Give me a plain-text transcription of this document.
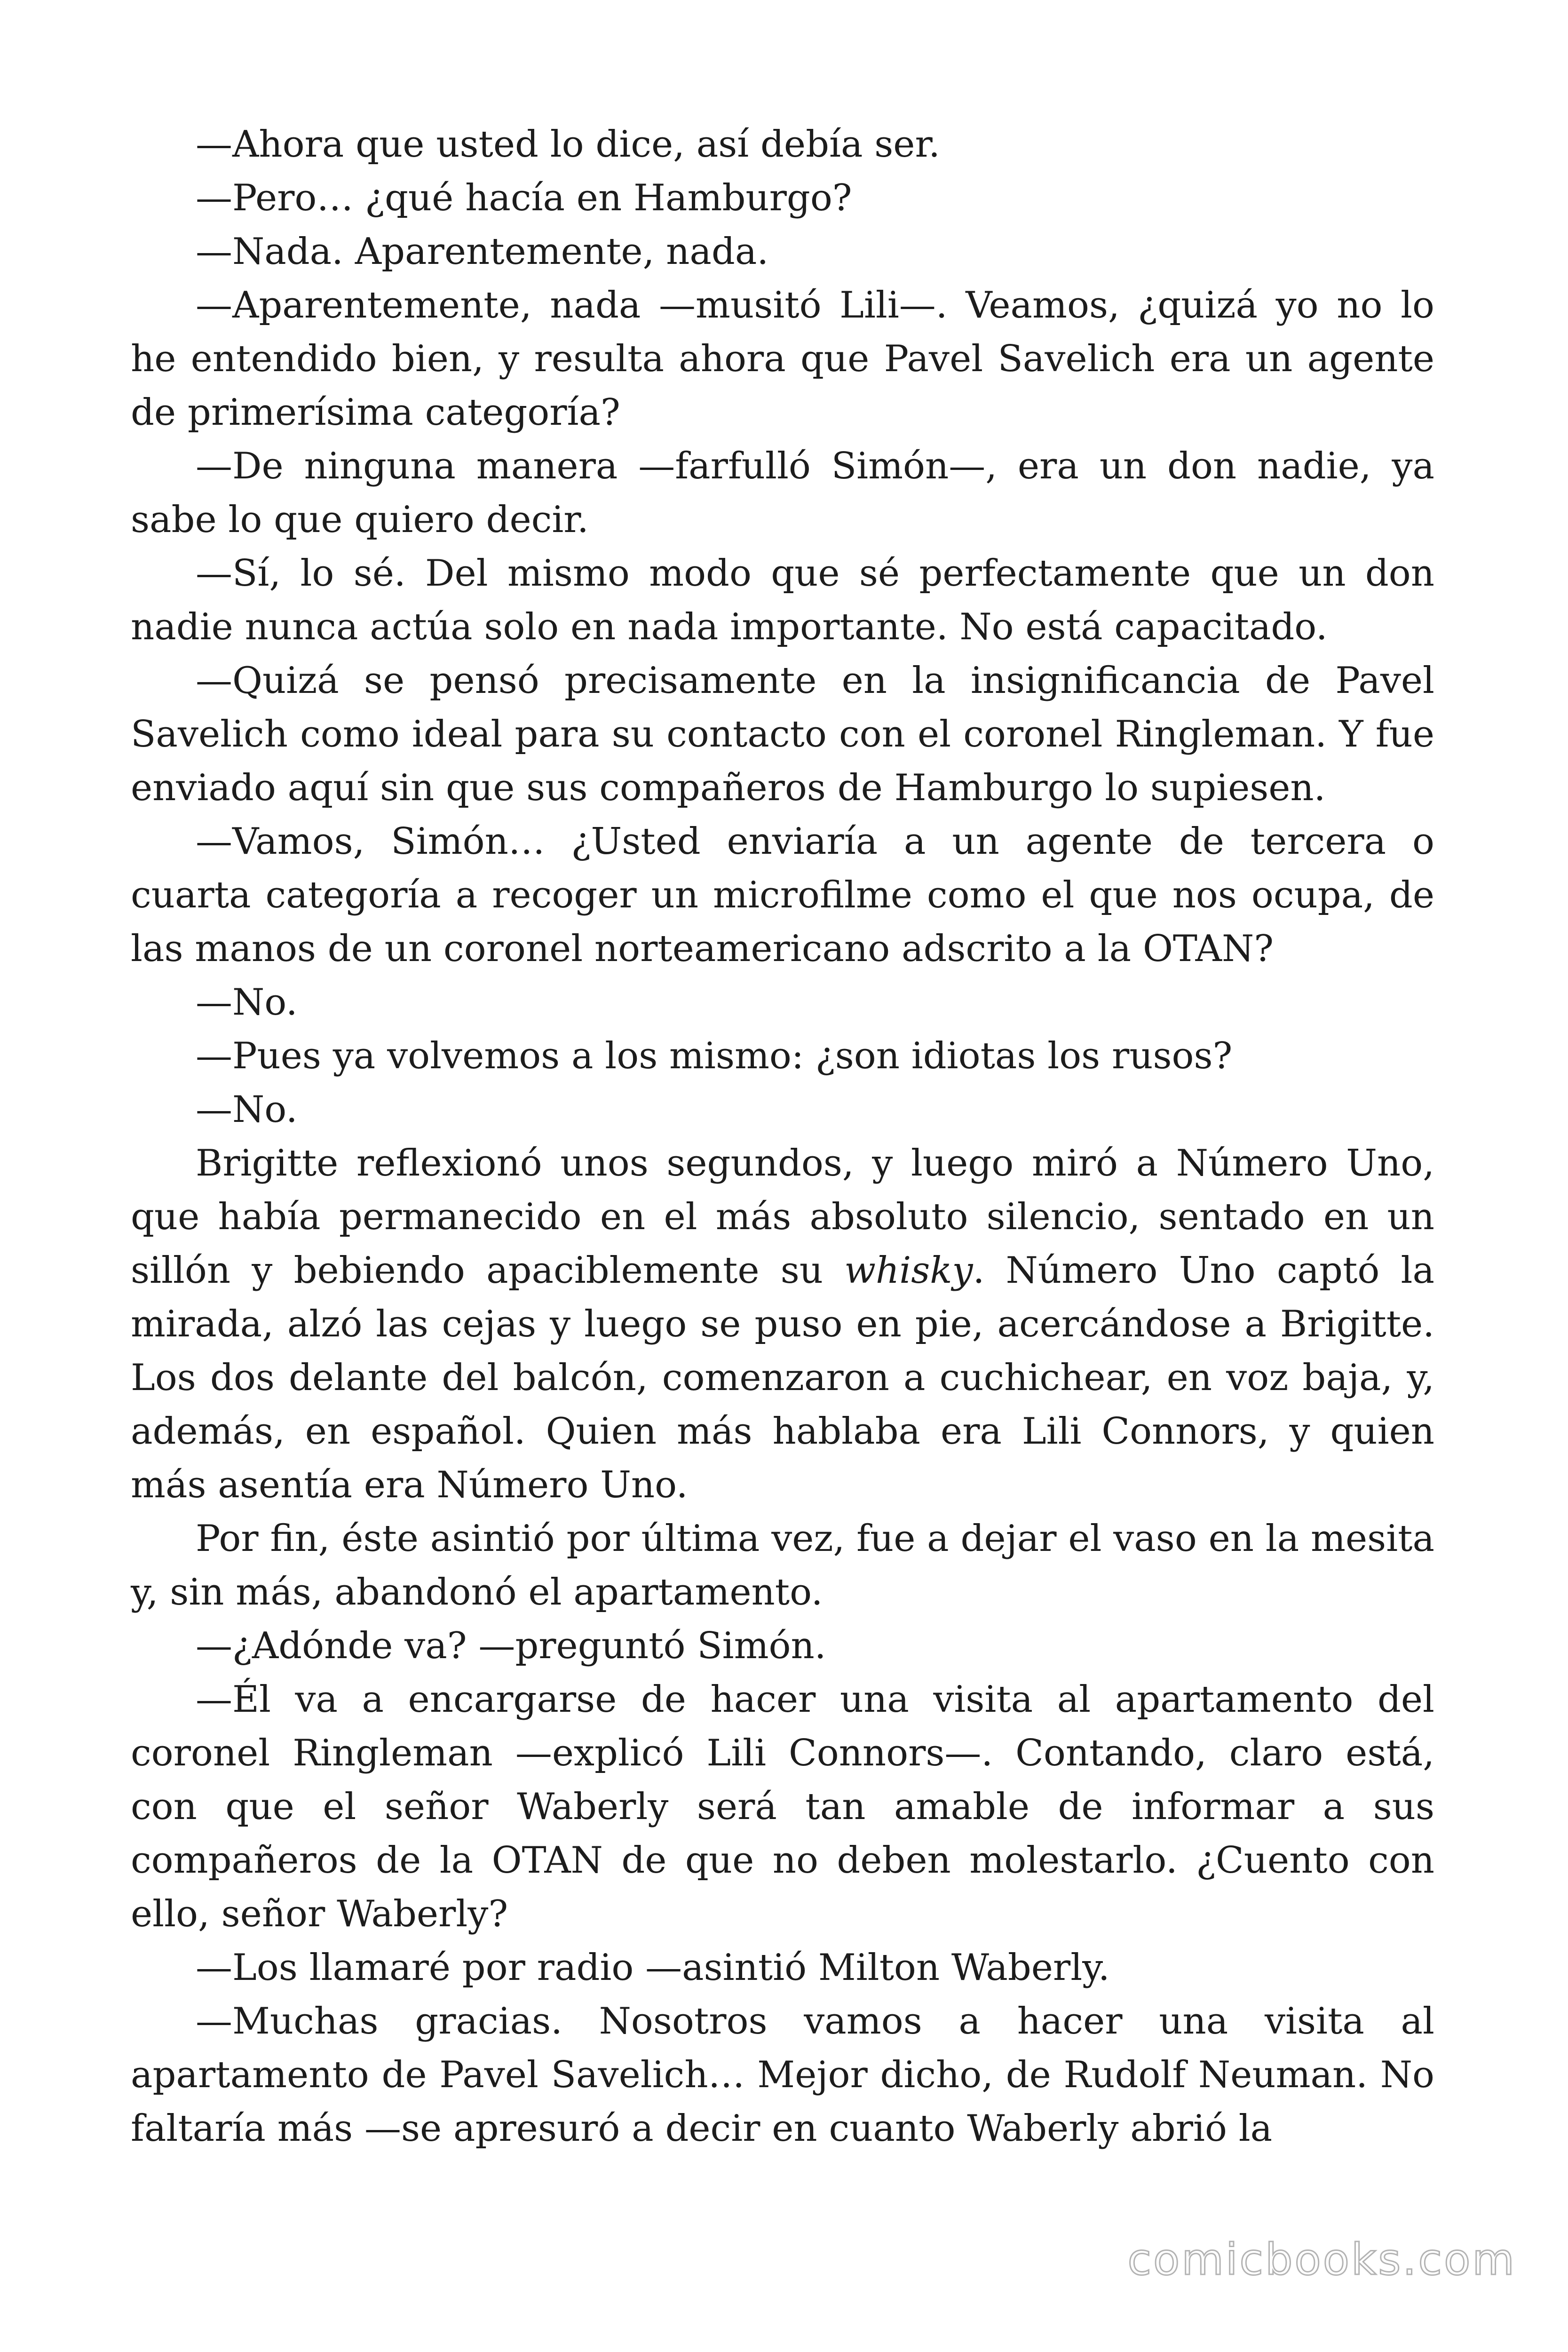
—Ahora que usted lo dice, así debía ser.

—Pero… ¿qué hacía en Hamburgo?

—Nada. Aparentemente, nada.

—Aparentemente, nada —musitó Lili—. Veamos, ¿quizá yo no lo he entendido bien, y resulta ahora que Pavel Savelich era un agente de primerísima categoría?

—De ninguna manera —farfulló Simón—, era un don nadie, ya sabe lo que quiero decir.

—Sí, lo sé. Del mismo modo que sé perfectamente que un don nadie nunca actúa solo en nada importante. No está capacitado.

—Quizá se pensó precisamente en la insignificancia de Pavel Savelich como ideal para su contacto con el coronel Ringleman. Y fue enviado aquí sin que sus compañeros de Hamburgo lo supiesen.

—Vamos, Simón… ¿Usted enviaría a un agente de tercera o cuarta categoría a recoger un microfilme como el que nos ocupa, de las manos de un coronel norteamericano adscrito a la OTAN?

—No.

—Pues ya volvemos a los mismo: ¿son idiotas los rusos?

—No.

Brigitte reflexionó unos segundos, y luego miró a Número Uno, que había permanecido en el más absoluto silencio, sentado en un sillón y bebiendo apaciblemente su whisky. Número Uno captó la mirada, alzó las cejas y luego se puso en pie, acercándose a Brigitte. Los dos delante del balcón, comenzaron a cuchichear, en voz baja, y, además, en español. Quien más hablaba era Lili Connors, y quien más asentía era Número Uno.

Por fin, éste asintió por última vez, fue a dejar el vaso en la mesita y, sin más, abandonó el apartamento.

—¿Adónde va? —preguntó Simón.

—Él va a encargarse de hacer una visita al apartamento del coronel Ringleman —explicó Lili Connors—. Contando, claro está, con que el señor Waberly será tan amable de informar a sus compañeros de la OTAN de que no deben molestarlo. ¿Cuento con ello, señor Waberly?

—Los llamaré por radio —asintió Milton Waberly.

—Muchas gracias. Nosotros vamos a hacer una visita al apartamento de Pavel Savelich… Mejor dicho, de Rudolf Neuman. No faltaría más —se apresuró a decir en cuanto Waberly abrió la

comicbooks.com
